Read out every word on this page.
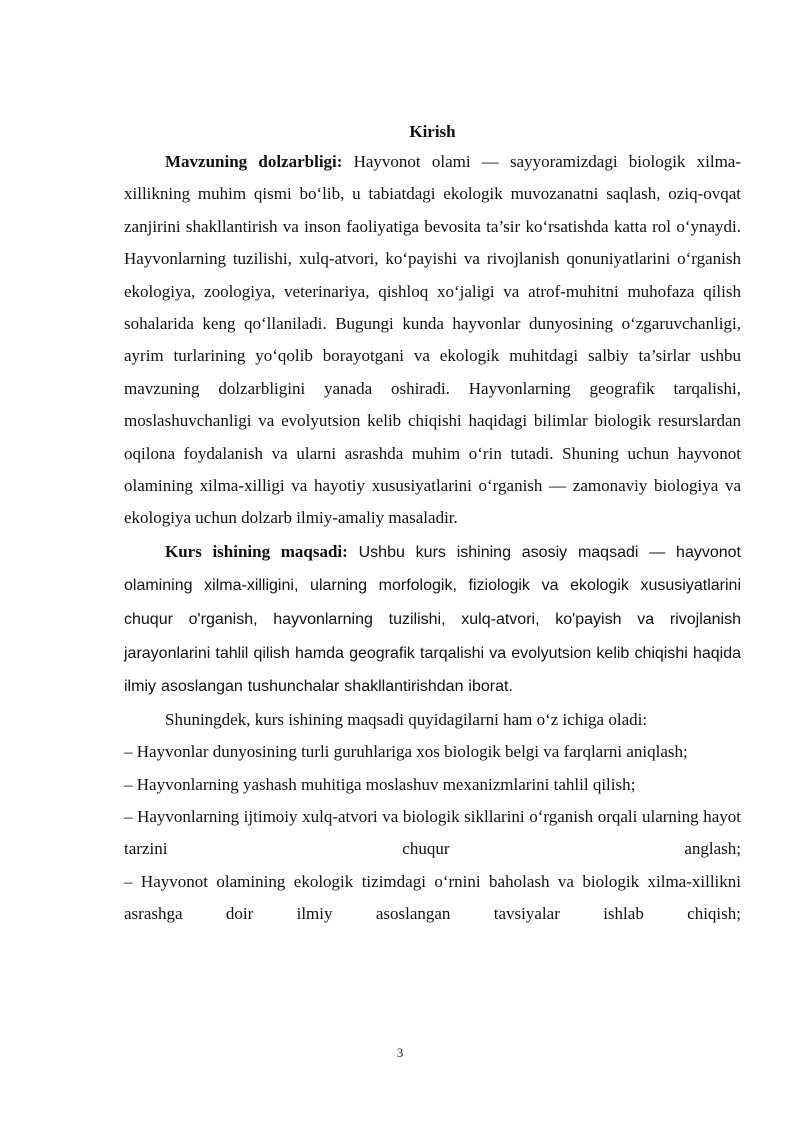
Kirish

Mavzuning dolzarbligi: Hayvonot olami — sayyoramizdagi biologik xilma-xillikning muhim qismi bo‘lib, u tabiatdagi ekologik muvozanatni saqlash, oziq-ovqat zanjirini shakllantirish va inson faoliyatiga bevosita ta’sir ko‘rsatishda katta rol o‘ynaydi. Hayvonlarning tuzilishi, xulq-atvori, ko‘payishi va rivojlanish qonuniyatlarini o‘rganish ekologiya, zoologiya, veterinariya, qishloq xo‘jaligi va atrof-muhitni muhofaza qilish sohalarida keng qo‘llaniladi. Bugungi kunda hayvonlar dunyosining o‘zgaruvchanligi, ayrim turlarining yo‘qolib borayotgani va ekologik muhitdagi salbiy ta’sirlar ushbu mavzuning dolzarbligini yanada oshiradi. Hayvonlarning geografik tarqalishi, moslashuvchanligi va evolyutsion kelib chiqishi haqidagi bilimlar biologik resurslardan oqilona foydalanish va ularni asrashda muhim o‘rin tutadi. Shuning uchun hayvonot olamining xilma-xilligi va hayotiy xususiyatlarini o‘rganish — zamonaviy biologiya va ekologiya uchun dolzarb ilmiy-amaliy masaladir.

Kurs ishining maqsadi: Ushbu kurs ishining asosiy maqsadi — hayvonot olamining xilma-xilligini, ularning morfologik, fiziologik va ekologik xususiyatlarini chuqur o'rganish, hayvonlarning tuzilishi, xulq-atvori, ko'payish va rivojlanish jarayonlarini tahlil qilish hamda geografik tarqalishi va evolyutsion kelib chiqishi haqida ilmiy asoslangan tushunchalar shakllantirishdan iborat.

Shuningdek, kurs ishining maqsadi quyidagilarni ham o‘z ichiga oladi:

– Hayvonlar dunyosining turli guruhlariga xos biologik belgi va farqlarni aniqlash;

– Hayvonlarning yashash muhitiga moslashuv mexanizmlarini tahlil qilish;

– Hayvonlarning ijtimoiy xulq-atvori va biologik sikllarini o‘rganish orqali ularning hayot tarzini chuqur anglash;

– Hayvonot olamining ekologik tizimdagi o‘rnini baholash va biologik xilma-xillikni asrashga doir ilmiy asoslangan tavsiyalar ishlab chiqish;

3
